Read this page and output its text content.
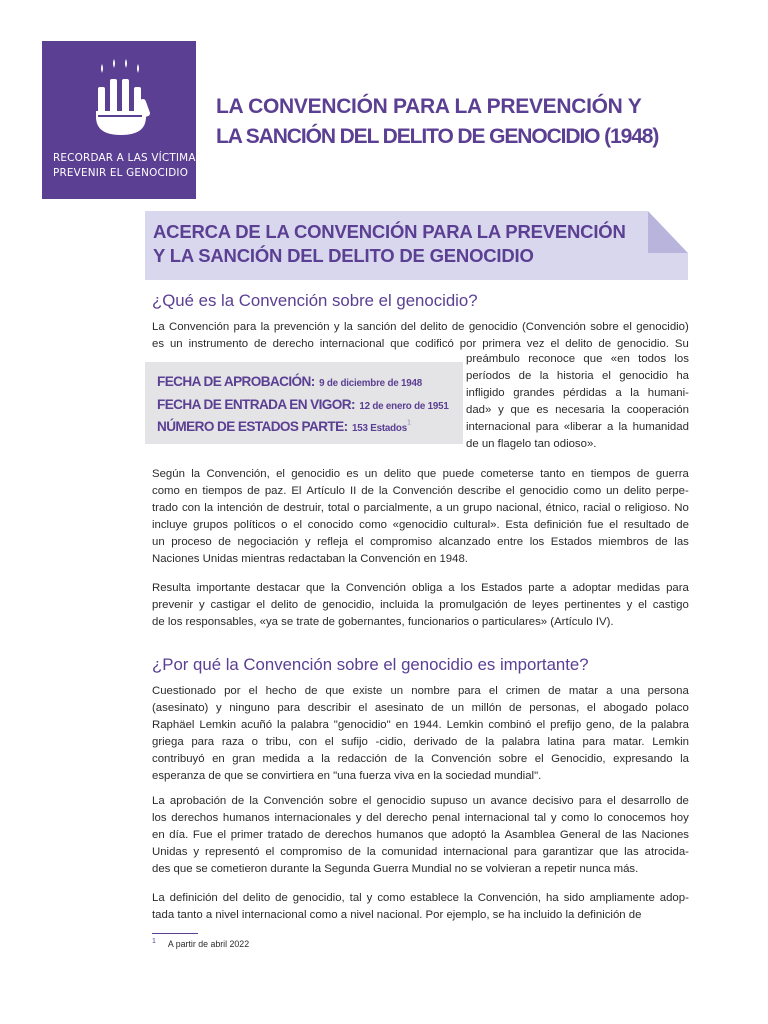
RECORDAR A LAS VÍCTIMAS
PREVENIR EL GENOCIDIO
LA CONVENCIÓN PARA LA PREVENCIÓN Y
LA SANCIÓN DEL DELITO DE GENOCIDIO (1948)
ACERCA DE LA CONVENCIÓN PARA LA PREVENCIÓN
Y LA SANCIÓN DEL DELITO DE GENOCIDIO
¿Qué es la Convención sobre el genocidio?
La Convención para la prevención y la sanción del delito de genocidio (Convención sobre el genocidio)
es un instrumento de derecho internacional que codificó por primera vez el delito de genocidio. Su
FECHA DE APROBACIÓN: 9 de diciembre de 1948
FECHA DE ENTRADA EN VIGOR: 12 de enero de 1951
NÚMERO DE ESTADOS PARTE: 153 Estados$^1$
preámbulo reconoce que «en todos los
períodos de la historia el genocidio ha
infligido grandes pérdidas a la humani-
dad» y que es necesaria la cooperación
internacional para «liberar a la humanidad
de un flagelo tan odioso».
Según la Convención, el genocidio es un delito que puede cometerse tanto en tiempos de guerra
como en tiempos de paz. El Artículo II de la Convención describe el genocidio como un delito perpe-
trado con la intención de destruir, total o parcialmente, a un grupo nacional, étnico, racial o religioso. No
incluye grupos políticos o el conocido como «genocidio cultural». Esta definición fue el resultado de
un proceso de negociación y refleja el compromiso alcanzado entre los Estados miembros de las
Naciones Unidas mientras redactaban la Convención en 1948.
Resulta importante destacar que la Convención obliga a los Estados parte a adoptar medidas para
prevenir y castigar el delito de genocidio, incluida la promulgación de leyes pertinentes y el castigo
de los responsables, «ya se trate de gobernantes, funcionarios o particulares» (Artículo IV).
¿Por qué la Convención sobre el genocidio es importante?
Cuestionado por el hecho de que existe un nombre para el crimen de matar a una persona
(asesinato) y ninguno para describir el asesinato de un millón de personas, el abogado polaco
Raphäel Lemkin acuñó la palabra "genocidio" en 1944. Lemkin combinó el prefijo geno, de la palabra
griega para raza o tribu, con el sufijo -cidio, derivado de la palabra latina para matar. Lemkin
contribuyó en gran medida a la redacción de la Convención sobre el Genocidio, expresando la
esperanza de que se convirtiera en "una fuerza viva en la sociedad mundial".
La aprobación de la Convención sobre el genocidio supuso un avance decisivo para el desarrollo de
los derechos humanos internacionales y del derecho penal internacional tal y como lo conocemos hoy
en día. Fue el primer tratado de derechos humanos que adoptó la Asamblea General de las Naciones
Unidas y representó el compromiso de la comunidad internacional para garantizar que las atrocida-
des que se cometieron durante la Segunda Guerra Mundial no se volvieran a repetir nunca más.
La definición del delito de genocidio, tal y como establece la Convención, ha sido ampliamente adop-
tada tanto a nivel internacional como a nivel nacional. Por ejemplo, se ha incluido la definición de
$^1$ A partir de abril 2022
